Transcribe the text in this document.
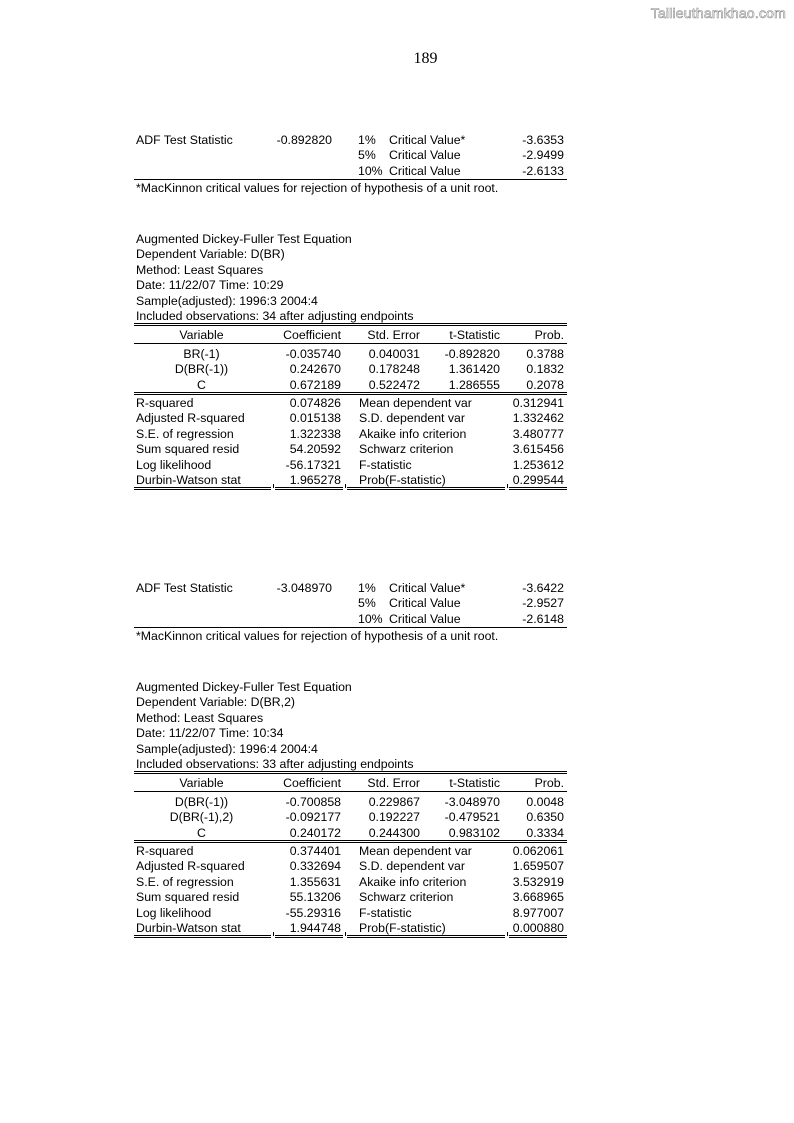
Tailieuthamkhao.com
189
ADF Test Statistic	-0.892820 1% Critical Value*	-3.6353
5% Critical Value	-2.9499
10% Critical Value	-2.6133
*MacKinnon critical values for rejection of hypothesis of a unit root.
Augmented Dickey-Fuller Test Equation
Dependent Variable: D(BR)
Method: Least Squares
Date: 11/22/07 Time: 10:29
Sample(adjusted): 1996:3 2004:4
Included observations: 34 after adjusting endpoints
Variable	Coefficient	Std. Error	t-Statistic	Prob.
BR(-1)	-0.035740	0.040031	-0.892820	0.3788
D(BR(-1))	0.242670	0.178248	1.361420	0.1832
C	0.672189	0.522472	1.286555	0.2078
R-squared	0.074826 Mean dependent var	0.312941
Adjusted R-squared	0.015138 S.D. dependent var	1.332462
S.E. of regression	1.322338 Akaike info criterion	3.480777
Sum squared resid	54.20592 Schwarz criterion	3.615456
Log likelihood	-56.17321 F-statistic	1.253612
Durbin-Watson stat	1.965278 Prob(F-statistic)	0.299544
ADF Test Statistic	-3.048970 1% Critical Value*	-3.6422
5% Critical Value	-2.9527
10% Critical Value	-2.6148
*MacKinnon critical values for rejection of hypothesis of a unit root.
Augmented Dickey-Fuller Test Equation
Dependent Variable: D(BR,2)
Method: Least Squares
Date: 11/22/07 Time: 10:34
Sample(adjusted): 1996:4 2004:4
Included observations: 33 after adjusting endpoints
Variable	Coefficient	Std. Error	t-Statistic	Prob.
D(BR(-1))	-0.700858	0.229867	-3.048970	0.0048
D(BR(-1),2)	-0.092177	0.192227	-0.479521	0.6350
C	0.240172	0.244300	0.983102	0.3334
R-squared	0.374401 Mean dependent var	0.062061
Adjusted R-squared	0.332694 S.D. dependent var	1.659507
S.E. of regression	1.355631 Akaike info criterion	3.532919
Sum squared resid	55.13206 Schwarz criterion	3.668965
Log likelihood	-55.29316 F-statistic	8.977007
Durbin-Watson stat	1.944748 Prob(F-statistic)	0.000880
